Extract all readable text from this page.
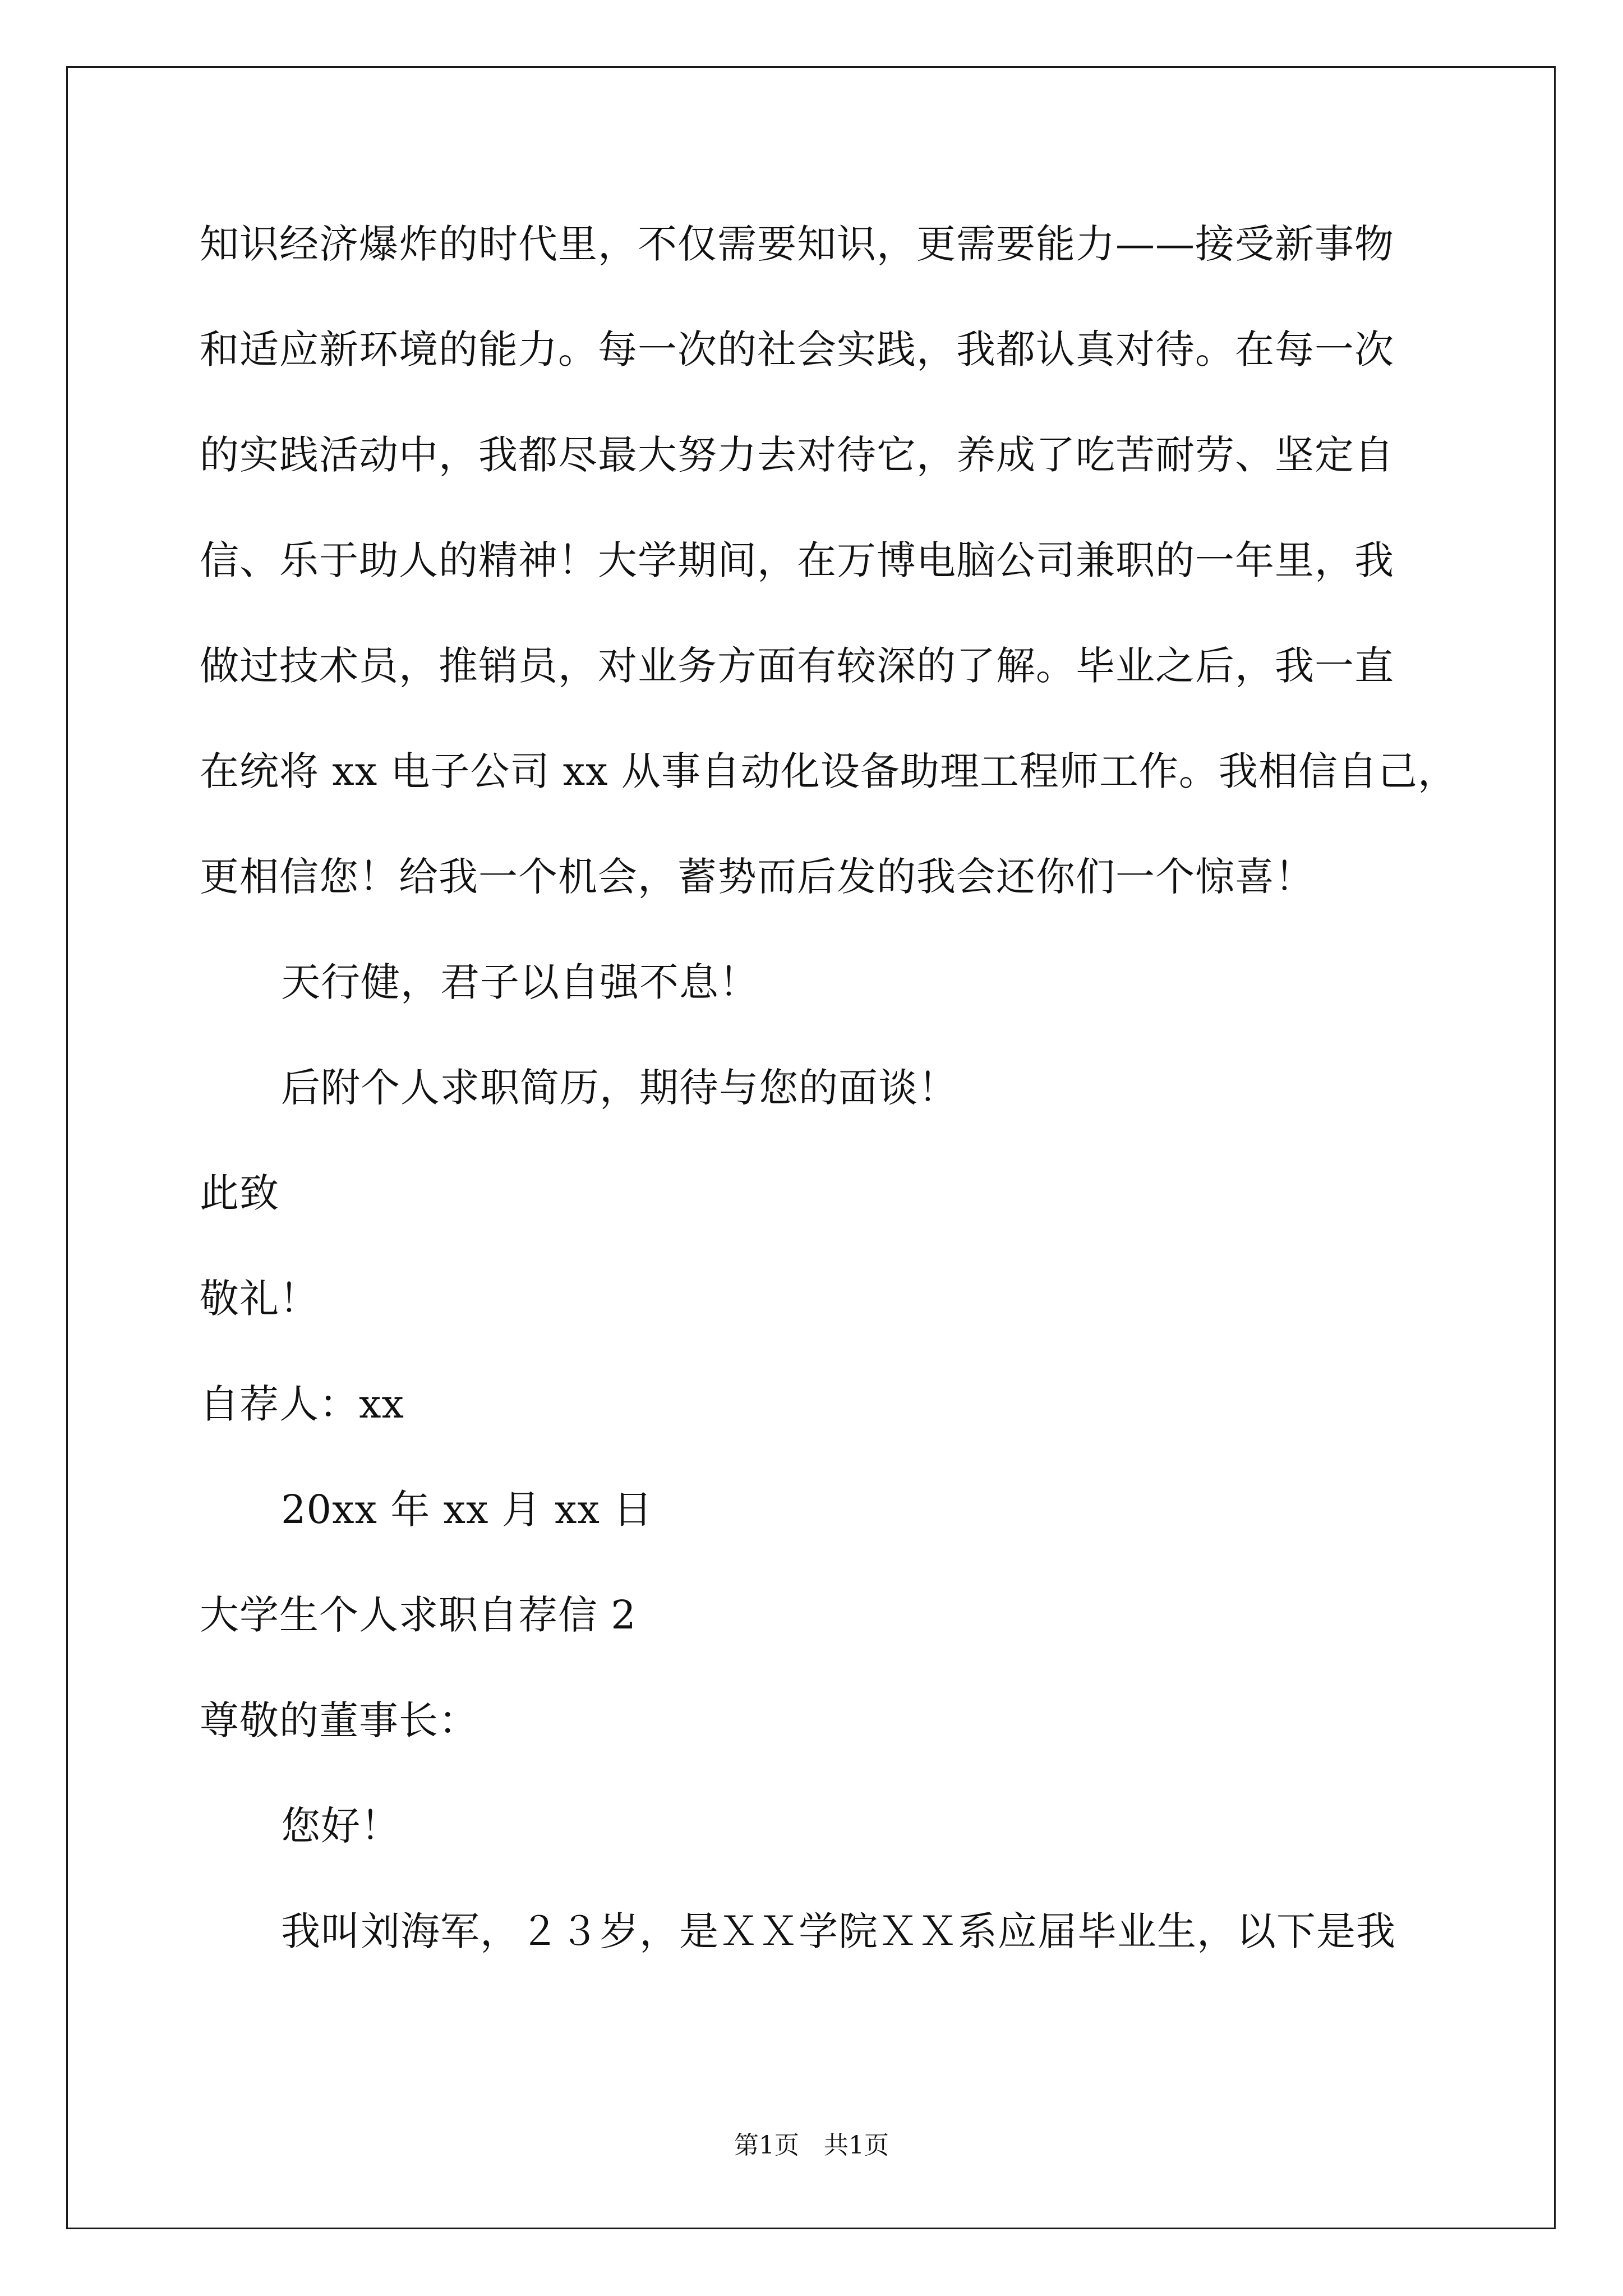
知识经济爆炸的时代里，不仅需要知识，更需要能力——接受新事物
和适应新环境的能力。每一次的社会实践，我都认真对待。在每一次
的实践活动中，我都尽最大努力去对待它，养成了吃苦耐劳、坚定自
信、乐于助人的精神！大学期间，在万博电脑公司兼职的一年里，我
做过技术员，推销员，对业务方面有较深的了解。毕业之后，我一直
在统将 xx 电子公司 xx 从事自动化设备助理工程师工作。我相信自己，
更相信您！给我一个机会，蓄势而后发的我会还你们一个惊喜！
天行健，君子以自强不息！
后附个人求职简历，期待与您的面谈！
此致
敬礼！
自荐人：xx
20xx 年 xx 月 xx 日
大学生个人求职自荐信 2
尊敬的董事长：
您好！
我叫刘海军，２３岁，是ＸＸ学院ＸＸ系应届毕业生，以下是我
第1页　共1页
